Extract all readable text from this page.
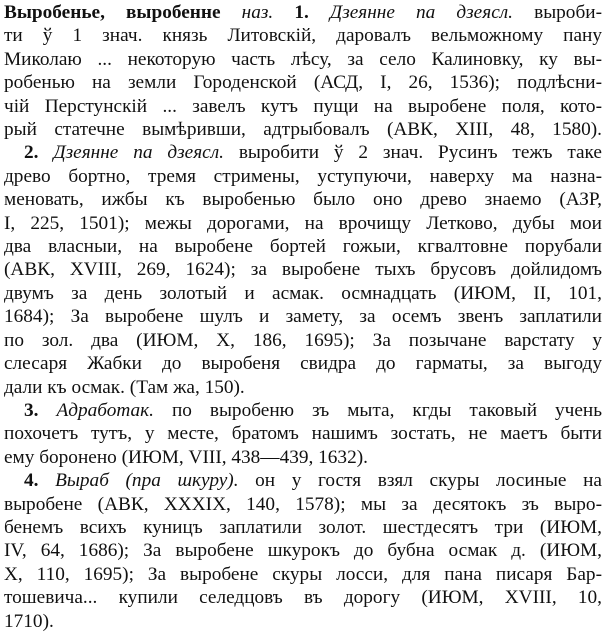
Выробенье, выробенне наз. 1. Дзеянне па дзеясл. выроби-
ти ў 1 знач. князь Литовскій, даровалъ вельможному пану
Миколаю ... некоторую часть лѣсу, за село Калиновку, ку вы-
робенью на земли Городенской (АСД, I, 26, 1536); подлѣсни-
чій Перстунскій ... завелъ кутъ пущи на выробене поля, кото-
рый статечне вымѣривши, адтрыбовалъ (АВК, XIII, 48, 1580).
2. Дзеянне па дзеясл. выробити ў 2 знач. Русинъ тежъ таке
древо бортно, тремя стримены, уступуючи, наверху ма назна-
меновать, ижбы къ выробенью было оно древо знаемо (АЗР,
I, 225, 1501); межы дорогами, на врочищу Летково, дубы мои
два власныи, на выробене бортей гожыи, кгвалтовне порубали
(АВК, XVIII, 269, 1624); за выробене тыхъ брусовъ дойлидомъ
двумъ за день золотый и асмак. осмнадцать (ИЮМ, II, 101,
1684); За выробене шулъ и замету, за осемъ звенъ заплатили
по зол. два (ИЮМ, X, 186, 1695); За позычане варстату у
слесаря Жабки до выробеня свидра до гарматы, за выгоду
дали къ осмак. (Там жа, 150).
3. Адработак. по выробеню зъ мыта, кгды таковый учень
похочетъ тутъ, у месте, братомъ нашимъ зостать, не маетъ быти
ему боронено (ИЮМ, VIII, 438—439, 1632).
4. Выраб (пра шкуру). он у гостя взял скуры лосиные на
выробене (АВК, XXXIX, 140, 1578); мы за десятокъ зъ выро-
бенемъ всихъ куницъ заплатили золот. шестдесятъ три (ИЮМ,
IV, 64, 1686); За выробене шкурокъ до бубна осмак д. (ИЮМ,
X, 110, 1695); За выробене скуры лосси, для пана писаря Бар-
тошевича... купили селедцовъ въ дорогу (ИЮМ, XVIII, 10,
1710).
